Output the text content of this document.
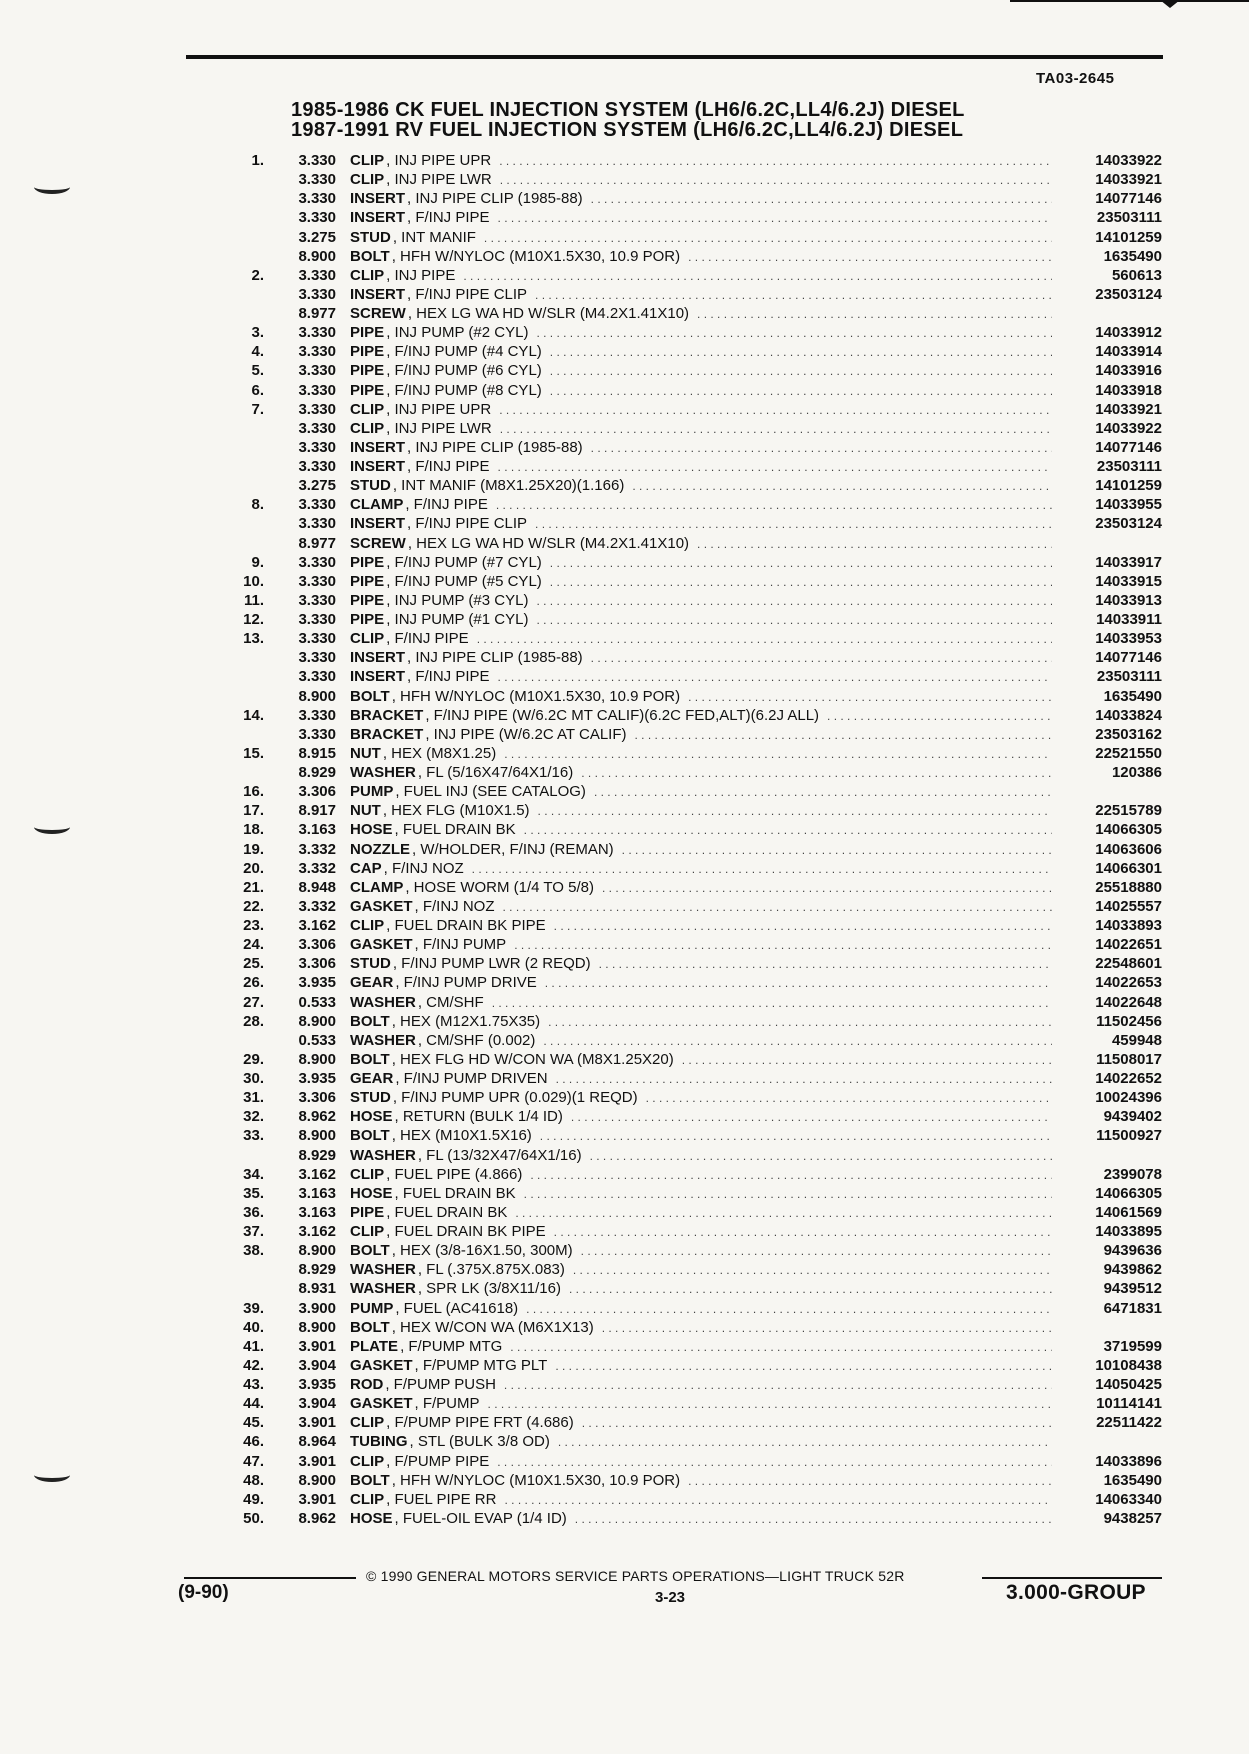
TA03-2645
1985-1986 CK FUEL INJECTION SYSTEM (LH6/6.2C,LL4/6.2J) DIESEL
1987-1991 RV FUEL INJECTION SYSTEM (LH6/6.2C,LL4/6.2J) DIESEL
1.	3.330 CLIP , INJ PIPE UPR . . .	14033922
3.330 CLIP , INJ PIPE LWR . . .	14033921
3.330 INSERT , INJ PIPE CLIP (1985-88) . . .	14077146
3.330 INSERT , F/INJ PIPE . . .	23503111
3.275 STUD , INT MANIF . . .	14101259
8.900 BOLT , HFH W/NYLOC (M10X1.5X30, 10.9 POR) . . .	1635490
2.	3.330 CLIP , INJ PIPE . . .	560613
3.330 INSERT , F/INJ PIPE CLIP . . .	23503124
8.977 SCREW , HEX LG WA HD W/SLR (M4.2X1.41X10)
. . .
3.	3.330 PIPE , INJ PUMP (#2 CYL) . . .	14033912
4.	3.330 PIPE , F/INJ PUMP (#4 CYL) . . .	14033914
5.	3.330 PIPE , F/INJ PUMP (#6 CYL) . . .	14033916
6.	3.330 PIPE , F/INJ PUMP (#8 CYL) . . .	14033918
7.	3.330 CLIP , INJ PIPE UPR . . .	14033921
3.330 CLIP , INJ PIPE LWR . . .	14033922
3.330 INSERT , INJ PIPE CLIP (1985-88) . . .	14077146
3.330 INSERT , F/INJ PIPE . . .	23503111
3.275 STUD , INT MANIF (M8X1.25X20)(1.166) . . .	14101259
8.	3.330 CLAMP , F/INJ PIPE . . .	14033955
3.330 INSERT , F/INJ PIPE CLIP . . .	23503124
8.977 SCREW , HEX LG WA HD W/SLR (M4.2X1.41X10)
. . .
9.	3.330 PIPE , F/INJ PUMP (#7 CYL) . . .	14033917
10.	3.330 PIPE , F/INJ PUMP (#5 CYL) . . .	14033915
11.	3.330 PIPE , INJ PUMP (#3 CYL) . . .	14033913
12.	3.330 PIPE , INJ PUMP (#1 CYL) . . .	14033911
13.	3.330 CLIP , F/INJ PIPE . . .	14033953
3.330 INSERT , INJ PIPE CLIP (1985-88) . . .	14077146
3.330 INSERT , F/INJ PIPE . . .	23503111
8.900 BOLT , HFH W/NYLOC (M10X1.5X30, 10.9 POR) . . .	1635490
14.	3.330 BRACKET , F/INJ PIPE (W/6.2C MT CALIF)(6.2C FED,ALT)(6.2J ALL) . . .	14033824
3.330 BRACKET , INJ PIPE (W/6.2C AT CALIF) . . .	23503162
15.	8.915 NUT , HEX (M8X1.25) . . .	22521550
8.929 WASHER , FL (5/16X47/64X1/16) . . .	120386
16.	3.306 PUMP , FUEL INJ (SEE CATALOG)
. . .
17.	8.917 NUT , HEX FLG (M10X1.5) . . .	22515789
18.	3.163 HOSE , FUEL DRAIN BK . . .	14066305
19.	3.332 NOZZLE , W/HOLDER, F/INJ (REMAN) . . .	14063606
20.	3.332 CAP , F/INJ NOZ . . .	14066301
21.	8.948 CLAMP , HOSE WORM (1/4 TO 5/8) . . .	25518880
22.	3.332 GASKET , F/INJ NOZ . . .	14025557
23.	3.162 CLIP , FUEL DRAIN BK PIPE . . .	14033893
24.	3.306 GASKET , F/INJ PUMP . . .	14022651
25.	3.306 STUD , F/INJ PUMP LWR (2 REQD) . . .	22548601
26.	3.935 GEAR , F/INJ PUMP DRIVE . . .	14022653
27.	0.533 WASHER , CM/SHF . . .	14022648
28.	8.900 BOLT , HEX (M12X1.75X35) . . .	11502456
0.533 WASHER , CM/SHF (0.002) . . .	459948
29.	8.900 BOLT , HEX FLG HD W/CON WA (M8X1.25X20) . . .	11508017
30.	3.935 GEAR , F/INJ PUMP DRIVEN . . .	14022652
31.	3.306 STUD , F/INJ PUMP UPR (0.029)(1 REQD) . . .	10024396
32.	8.962 HOSE , RETURN (BULK 1/4 ID) . . .	9439402
33.	8.900 BOLT , HEX (M10X1.5X16) . . .	11500927
8.929 WASHER , FL (13/32X47/64X1/16)
. . .
34.	3.162 CLIP , FUEL PIPE (4.866) . . .	2399078
35.	3.163 HOSE , FUEL DRAIN BK . . .	14066305
36.	3.163 PIPE , FUEL DRAIN BK . . .	14061569
37.	3.162 CLIP , FUEL DRAIN BK PIPE . . .	14033895
38.	8.900 BOLT , HEX (3/8-16X1.50, 300M) . . .	9439636
8.929 WASHER , FL (.375X.875X.083) . . .	9439862
8.931 WASHER , SPR LK (3/8X11/16) . . .	9439512
39.	3.900 PUMP , FUEL (AC41618) . . .	6471831
40.	8.900 BOLT , HEX W/CON WA (M6X1X13)
. . .
41.	3.901 PLATE , F/PUMP MTG . . .	3719599
42.	3.904 GASKET , F/PUMP MTG PLT . . .	10108438
43.	3.935 ROD , F/PUMP PUSH . . .	14050425
44.	3.904 GASKET , F/PUMP . . .	10114141
45.	3.901 CLIP , F/PUMP PIPE FRT (4.686) . . .	22511422
46.	8.964 TUBING , STL (BULK 3/8 OD)
. . .
47.	3.901 CLIP , F/PUMP PIPE . . .	14033896
48.	8.900 BOLT , HFH W/NYLOC (M10X1.5X30, 10.9 POR) . . .	1635490
49.	3.901 CLIP , FUEL PIPE RR . . .	14063340
50.	8.962 HOSE , FUEL-OIL EVAP (1/4 ID) . . .	9438257
© 1990 GENERAL MOTORS SERVICE PARTS OPERATIONS—LIGHT TRUCK 52R
(9-90)	3-23	3.000-GROUP
